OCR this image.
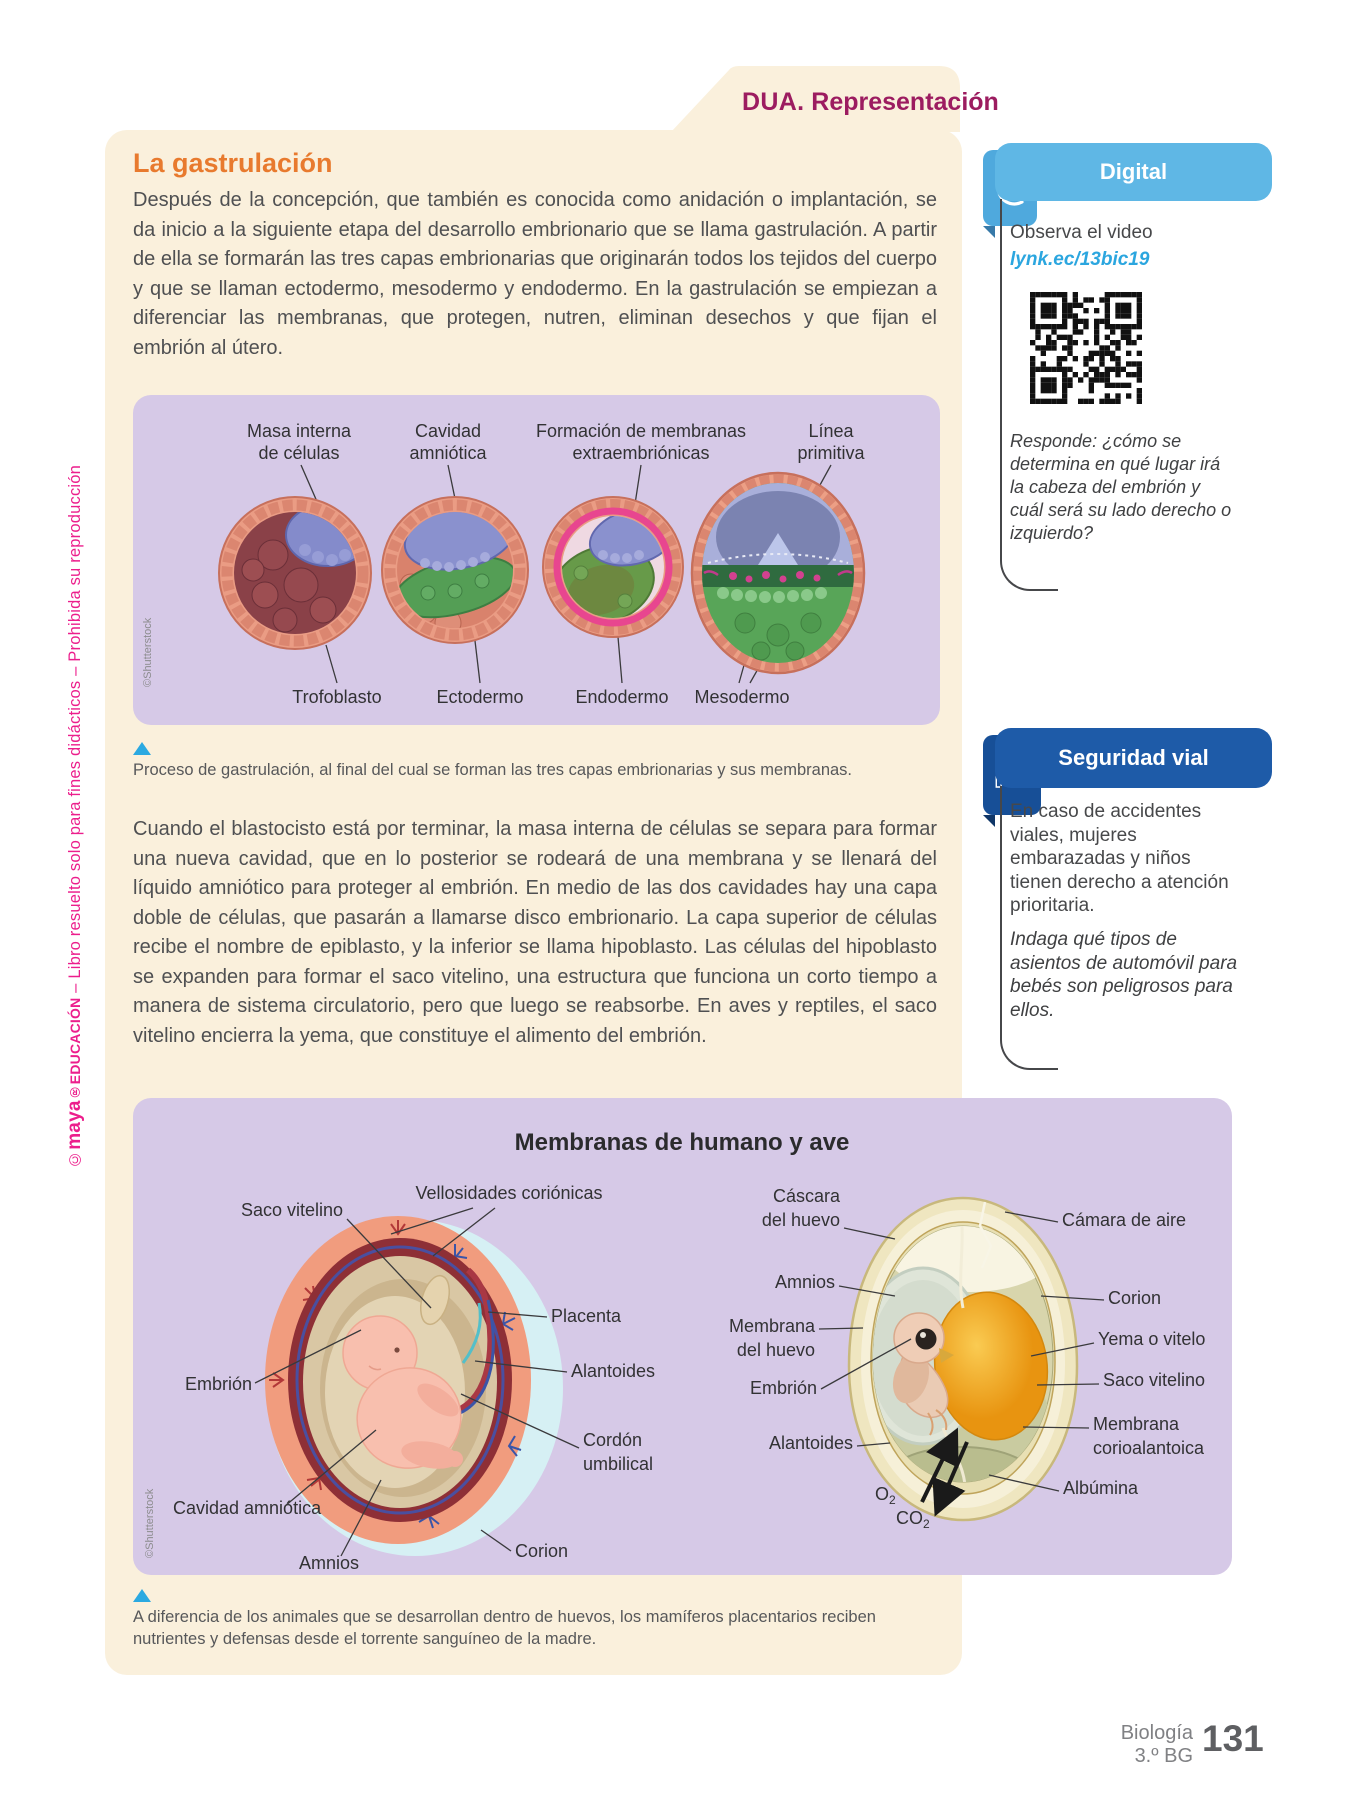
©maya®EDUCACIÓN – Libro resuelto solo para fines didácticos – Prohibida su reproducción
DUA. Representación
La gastrulación
Después de la concepción, que también es conocida como anidación o implantación, se da inicio a la siguiente etapa del desarrollo embrionario que se llama gastrulación. A partir de ella se formarán las tres capas embrionarias que originarán todos los tejidos del cuerpo y que se llaman ectodermo, mesodermo y endodermo. En la gastrulación se empiezan a diferenciar las membranas, que protegen, nutren, eliminan desechos y que fijan el embrión al útero.
©Shutterstock
Masa interna
de células
Cavidad
amniótica
Formación de membranas
extraembriónicas
Línea
primitiva
Trofoblasto	Ectodermo	Endodermo Mesodermo
Proceso de gastrulación, al final del cual se forman las tres capas embrionarias y sus membranas.
Cuando el blastocisto está por terminar, la masa interna de células se separa para formar una nueva cavidad, que en lo posterior se rodeará de una membrana y se llenará del líquido amniótico para proteger al embrión. En medio de las dos cavidades hay una capa doble de células, que pasarán a llamarse disco embrionario. La capa superior de células recibe el nombre de epiblasto, y la inferior se llama hipoblasto. Las células del hipoblasto se expanden para formar el saco vitelino, una estructura que funciona un corto tiempo a manera de sistema circulatorio, pero que luego se reabsorbe. En aves y reptiles, el saco vitelino encierra la yema, que constituye el alimento del embrión.
Membranas de humano y ave
©Shutterstock
Saco vitelino
Vellosidades coriónicas
Placenta
Alantoides
Embrión
Cordón
umbilical
Cavidad amniótica
Amnios
Corion
Cáscara
del huevo
Amnios
Membrana
del huevo
Embrión
Alantoides
$O_2$
$CO_2$
Cámara de aire
Corion
Yema o vitelo
Saco vitelino
Membrana
corioalantoica
Albúmina
A diferencia de los animales que se desarrollan dentro de huevos, los mamíferos placentarios reciben nutrientes y defensas desde el torrente sanguíneo de la madre.
Digital
Observa el video
lynk.ec/13bic19
Responde: ¿cómo se determina en qué lugar irá la cabeza del embrión y cuál será su lado derecho o izquierdo?
Seguridad vial
En caso de accidentes viales, mujeres embarazadas y niños tienen derecho a atención prioritaria.
Indaga qué tipos de asientos de automóvil para bebés son peligrosos para ellos.
Biología
3.º BG 131
